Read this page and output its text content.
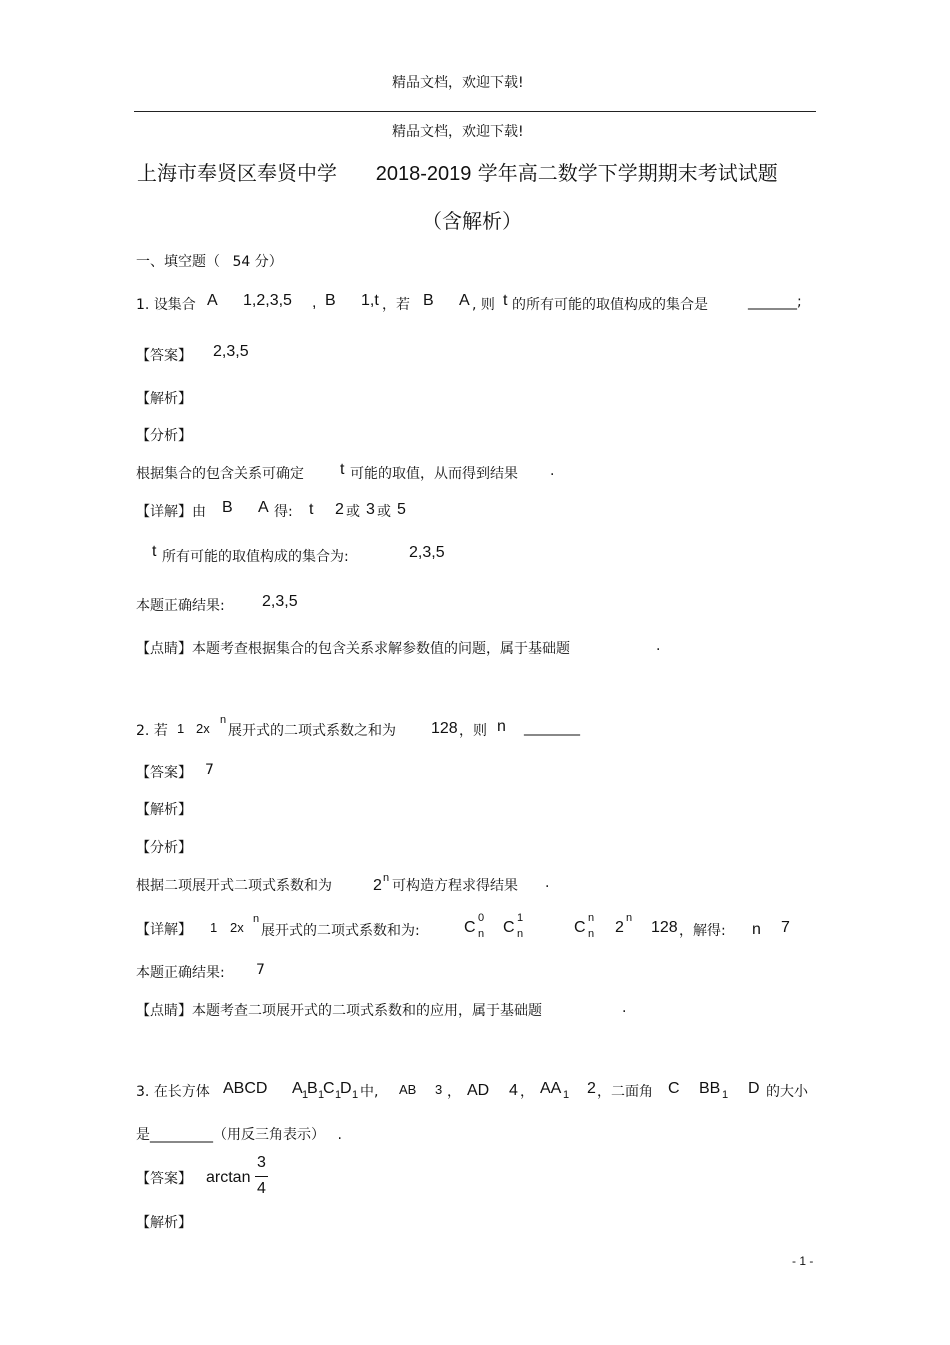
精品文档，欢迎下载!
精品文档，欢迎下载!
上海市奉贤区奉贤中学 2018-2019 学年高二数学下学期期末考试试题
（含解析）
一、填空题（ 54 分）
1. 设集合 A 1,2,3,5 , B 1,t ，若 B A , 则 t 的所有可能的取值构成的集合是	_______;
【答案】 2,3,5
【解析】
【分析】
根据集合的包含关系可确定 t 可能的取值，从而得到结果 .
【详解】由 B A 得: t 2 或 3 或 5
t 所有可能的取值构成的集合为:	2,3,5
本题正确结果: 2,3,5
【点睛】本题考查根据集合的包含关系求解参数值的问题，属于基础题	.
2. 若 1 2x
n
展开式的二项式系数之和为 128 ，则 n ________
【答案】 7
【解析】
【分析】
根据二项展开式二项式系数和为	2 n 可构造方程求得结果 .
【详解】 1 2x
n
展开式的二项式系数和为:	C
0
n C
1
n	C
n
n 2
n
128 ，解得: n 7
本题正确结果: 7
【点睛】本题考查二项展开式的二项式系数和的应用，属于基础题	.
3. 在长方体 ABCD A 1
B 1
C 1
D 1 中, AB 3 ， AD 4 ， AA 1 2 ，二面角 C BB 1 D 的大小
是_________（用反三角表示） .
【答案】 arctan
3
4
【解析】
- 1 -
